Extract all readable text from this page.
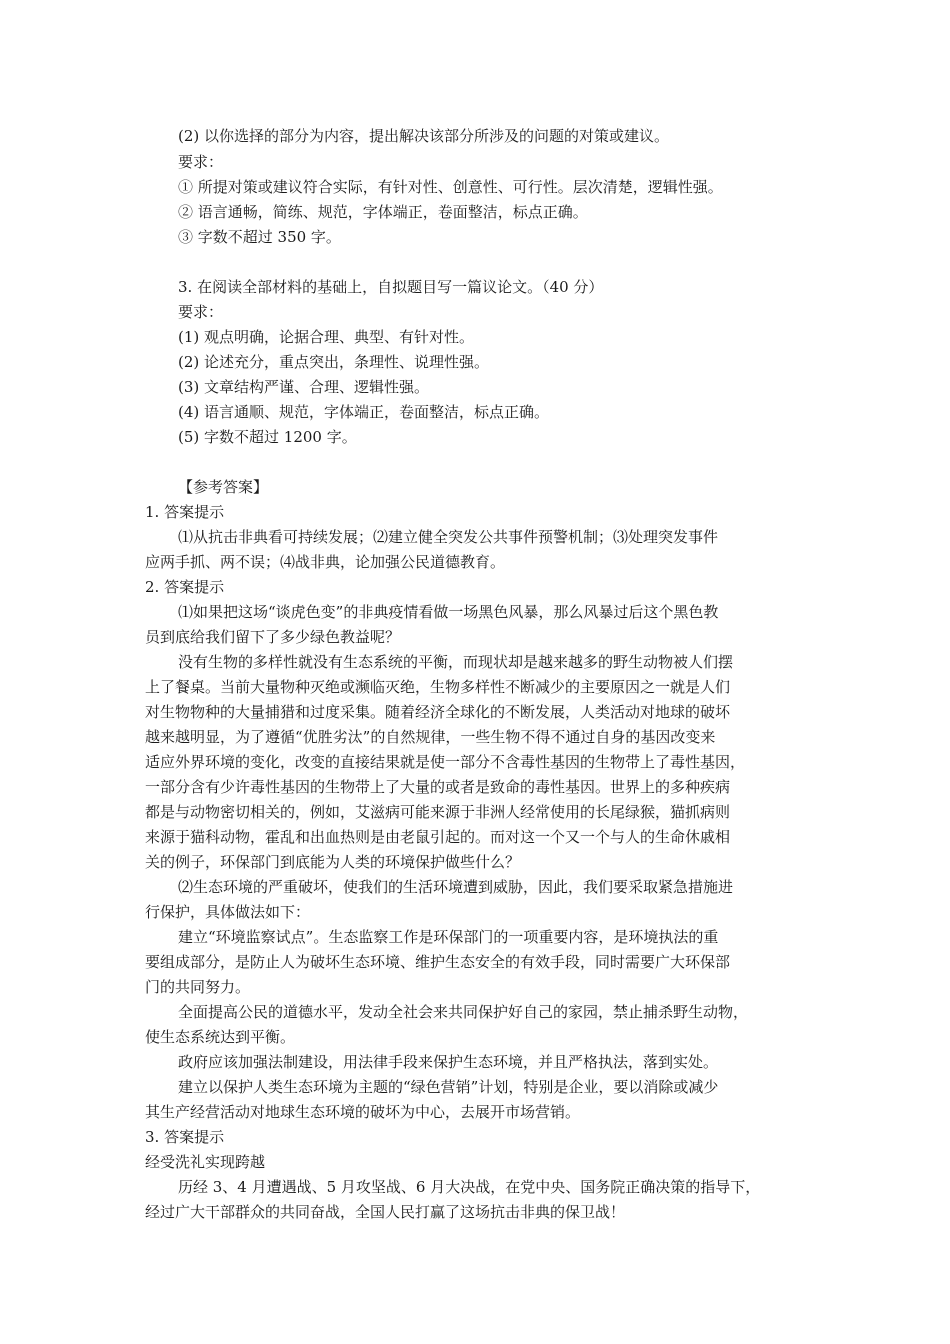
(2) 以你选择的部分为内容，提出解决该部分所涉及的问题的对策或建议。
要求：
① 所提对策或建议符合实际，有针对性、创意性、可行性。层次清楚，逻辑性强。
② 语言通畅，简练、规范，字体端正，卷面整洁，标点正确。
③ 字数不超过 350 字。
3. 在阅读全部材料的基础上，自拟题目写一篇议论文。（40 分）
要求：
(1) 观点明确，论据合理、典型、有针对性。
(2) 论述充分，重点突出，条理性、说理性强。
(3) 文章结构严谨、合理、逻辑性强。
(4) 语言通顺、规范，字体端正，卷面整洁，标点正确。
(5) 字数不超过 1200 字。
【参考答案】
1. 答案提示
⑴从抗击非典看可持续发展；⑵建立健全突发公共事件预警机制；⑶处理突发事件
应两手抓、两不误；⑷战非典，论加强公民道德教育。
2. 答案提示
⑴如果把这场“谈虎色变”的非典疫情看做一场黑色风暴，那么风暴过后这个黑色教
员到底给我们留下了多少绿色教益呢？
没有生物的多样性就没有生态系统的平衡，而现状却是越来越多的野生动物被人们摆
上了餐桌。当前大量物种灭绝或濒临灭绝，生物多样性不断减少的主要原因之一就是人们
对生物物种的大量捕猎和过度采集。随着经济全球化的不断发展，人类活动对地球的破坏
越来越明显，为了遵循“优胜劣汰”的自然规律，一些生物不得不通过自身的基因改变来
适应外界环境的变化，改变的直接结果就是使一部分不含毒性基因的生物带上了毒性基因，
一部分含有少许毒性基因的生物带上了大量的或者是致命的毒性基因。世界上的多种疾病
都是与动物密切相关的，例如，艾滋病可能来源于非洲人经常使用的长尾绿猴，猫抓病则
来源于猫科动物，霍乱和出血热则是由老鼠引起的。而对这一个又一个与人的生命休戚相
关的例子，环保部门到底能为人类的环境保护做些什么？
⑵生态环境的严重破坏，使我们的生活环境遭到威胁，因此，我们要采取紧急措施进
行保护，具体做法如下：
建立“环境监察试点”。生态监察工作是环保部门的一项重要内容，是环境执法的重
要组成部分，是防止人为破坏生态环境、维护生态安全的有效手段，同时需要广大环保部
门的共同努力。
全面提高公民的道德水平，发动全社会来共同保护好自己的家园，禁止捕杀野生动物，
使生态系统达到平衡。
政府应该加强法制建设，用法律手段来保护生态环境，并且严格执法，落到实处。
建立以保护人类生态环境为主题的“绿色营销”计划，特别是企业，要以消除或减少
其生产经营活动对地球生态环境的破坏为中心，去展开市场营销。
3. 答案提示
经受洗礼实现跨越
历经 3、4 月遭遇战、5 月攻坚战、6 月大决战，在党中央、国务院正确决策的指导下，
经过广大干部群众的共同奋战，全国人民打赢了这场抗击非典的保卫战！
